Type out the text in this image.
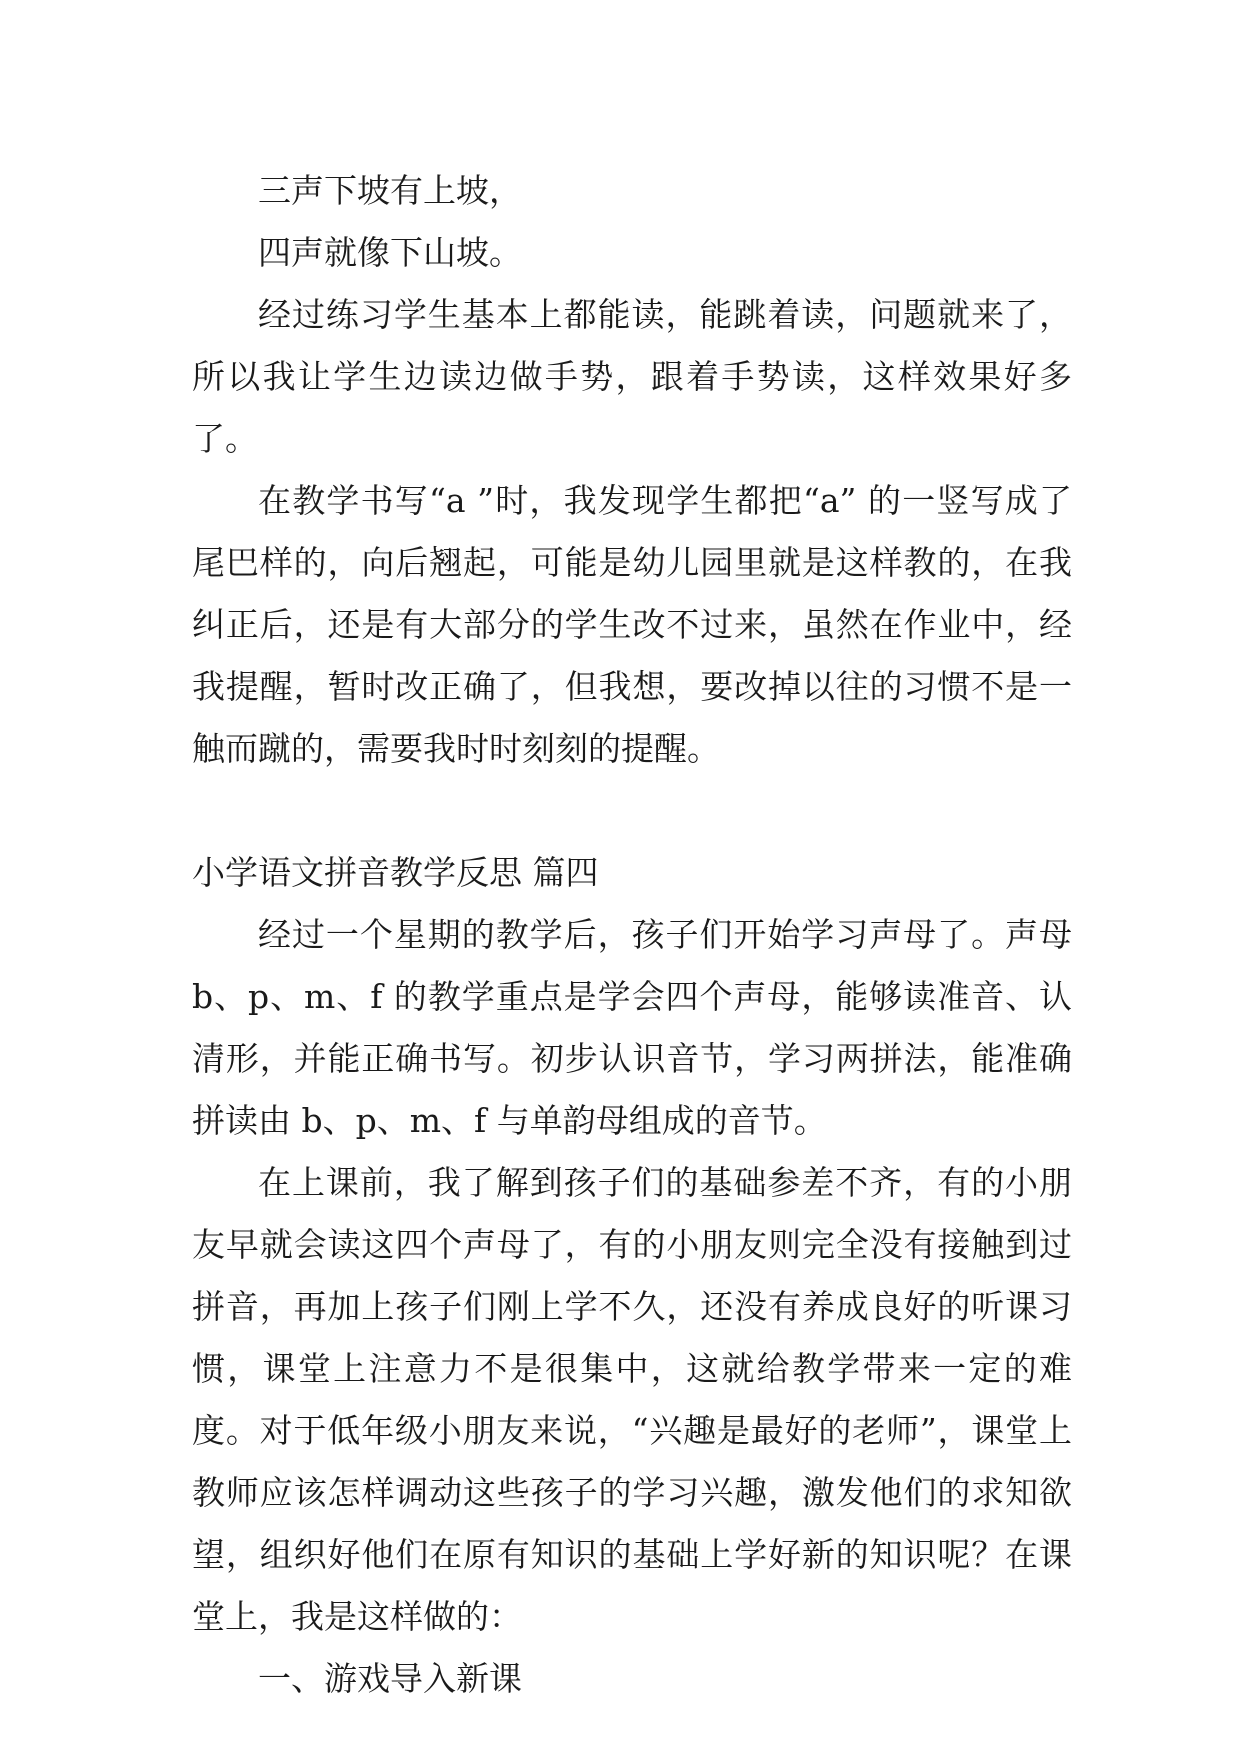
三声下坡有上坡，

四声就像下山坡。

经过练习学生基本上都能读，能跳着读，问题就来了，所以我让学生边读边做手势，跟着手势读，这样效果好多了。

在教学书写“a ”时，我发现学生都把“a” 的一竖写成了尾巴样的，向后翘起，可能是幼儿园里就是这样教的，在我纠正后，还是有大部分的学生改不过来，虽然在作业中，经我提醒，暂时改正确了，但我想，要改掉以往的习惯不是一触而蹴的，需要我时时刻刻的提醒。

小学语文拼音教学反思 篇四

经过一个星期的教学后，孩子们开始学习声母了。声母 b、p、m、f 的教学重点是学会四个声母，能够读准音、认清形，并能正确书写。初步认识音节，学习两拼法，能准确拼读由 b、p、m、f 与单韵母组成的音节。

在上课前，我了解到孩子们的基础参差不齐，有的小朋友早就会读这四个声母了，有的小朋友则完全没有接触到过拼音，再加上孩子们刚上学不久，还没有养成良好的听课习惯，课堂上注意力不是很集中，这就给教学带来一定的难度。对于低年级小朋友来说，“兴趣是最好的老师”，课堂上教师应该怎样调动这些孩子的学习兴趣，激发他们的求知欲望，组织好他们在原有知识的基础上学好新的知识呢？在课堂上，我是这样做的：

一、游戏导入新课
